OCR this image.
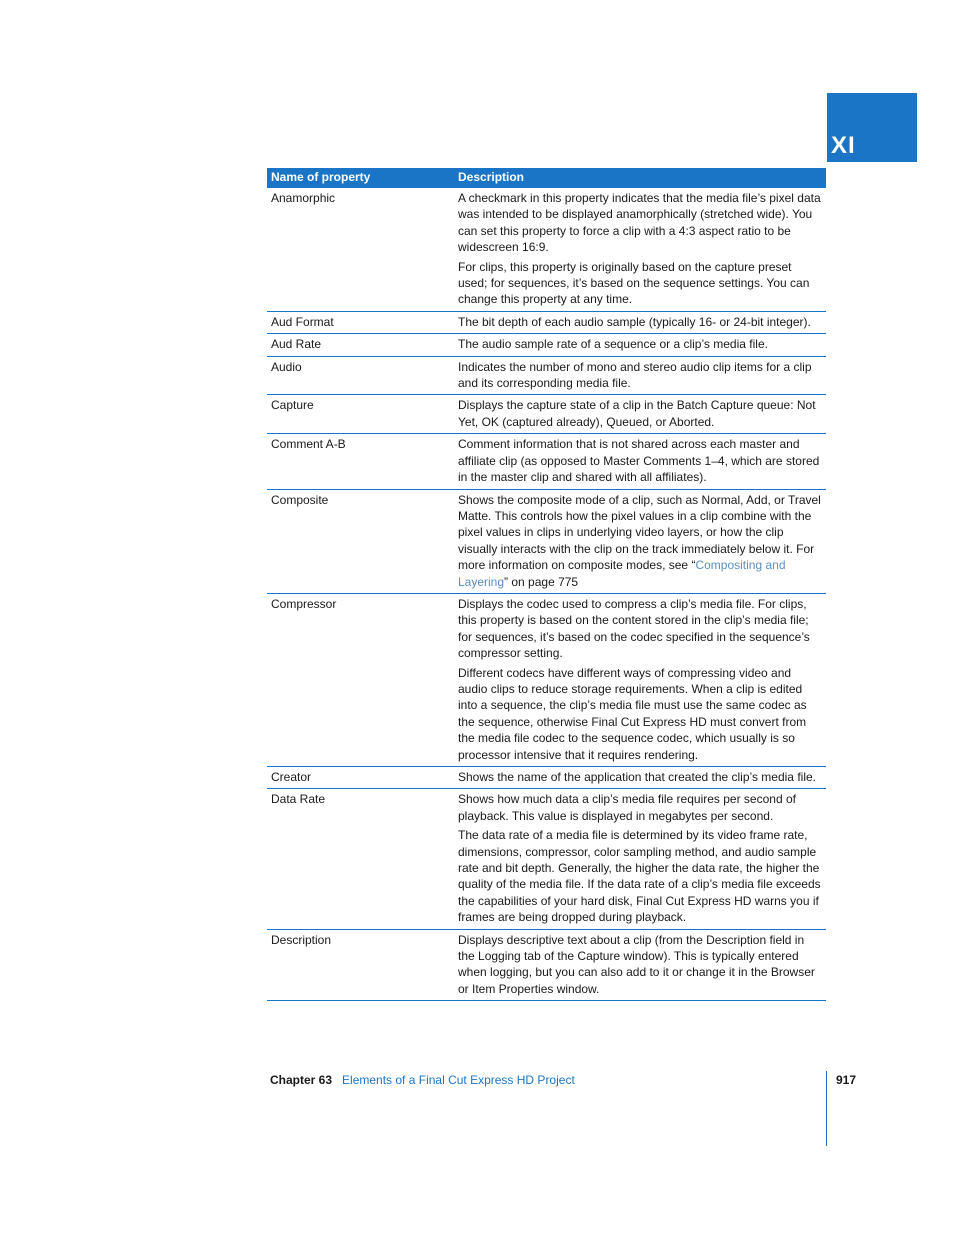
XI
Name of property	Description
Anamorphic	A checkmark in this property indicates that the media file’s pixel data was intended to be displayed anamorphically (stretched wide). You can set this property to force a clip with a 4:3 aspect ratio to be widescreen 16:9.

For clips, this property is originally based on the capture preset used; for sequences, it’s based on the sequence settings. You can change this property at any time.

Aud Format	The bit depth of each audio sample (typically 16- or 24-bit integer).

Aud Rate	The audio sample rate of a sequence or a clip’s media file.

Audio	Indicates the number of mono and stereo audio clip items for a clip and its corresponding media file.

Capture	Displays the capture state of a clip in the Batch Capture queue: Not Yet, OK (captured already), Queued, or Aborted.

Comment A-B	Comment information that is not shared across each master and affiliate clip (as opposed to Master Comments 1–4, which are stored in the master clip and shared with all affiliates).

Composite	Shows the composite mode of a clip, such as Normal, Add, or Travel Matte. This controls how the pixel values in a clip combine with the pixel values in clips in underlying video layers, or how the clip visually interacts with the clip on the track immediately below it. For more information on composite modes, see “Compositing and Layering” on page 775

Compressor	Displays the codec used to compress a clip’s media file. For clips, this property is based on the content stored in the clip’s media file; for sequences, it’s based on the codec specified in the sequence’s compressor setting.

Different codecs have different ways of compressing video and audio clips to reduce storage requirements. When a clip is edited into a sequence, the clip’s media file must use the same codec as the sequence, otherwise Final Cut Express HD must convert from the media file codec to the sequence codec, which usually is so processor intensive that it requires rendering.

Creator	Shows the name of the application that created the clip’s media file.

Data Rate	Shows how much data a clip’s media file requires per second of playback. This value is displayed in megabytes per second.

The data rate of a media file is determined by its video frame rate, dimensions, compressor, color sampling method, and audio sample rate and bit depth. Generally, the higher the data rate, the higher the quality of the media file. If the data rate of a clip’s media file exceeds the capabilities of your hard disk, Final Cut Express HD warns you if frames are being dropped during playback.

Description	Displays descriptive text about a clip (from the Description field in the Logging tab of the Capture window). This is typically entered when logging, but you can also add to it or change it in the Browser or Item Properties window.

Chapter 63 Elements of a Final Cut Express HD Project	917
